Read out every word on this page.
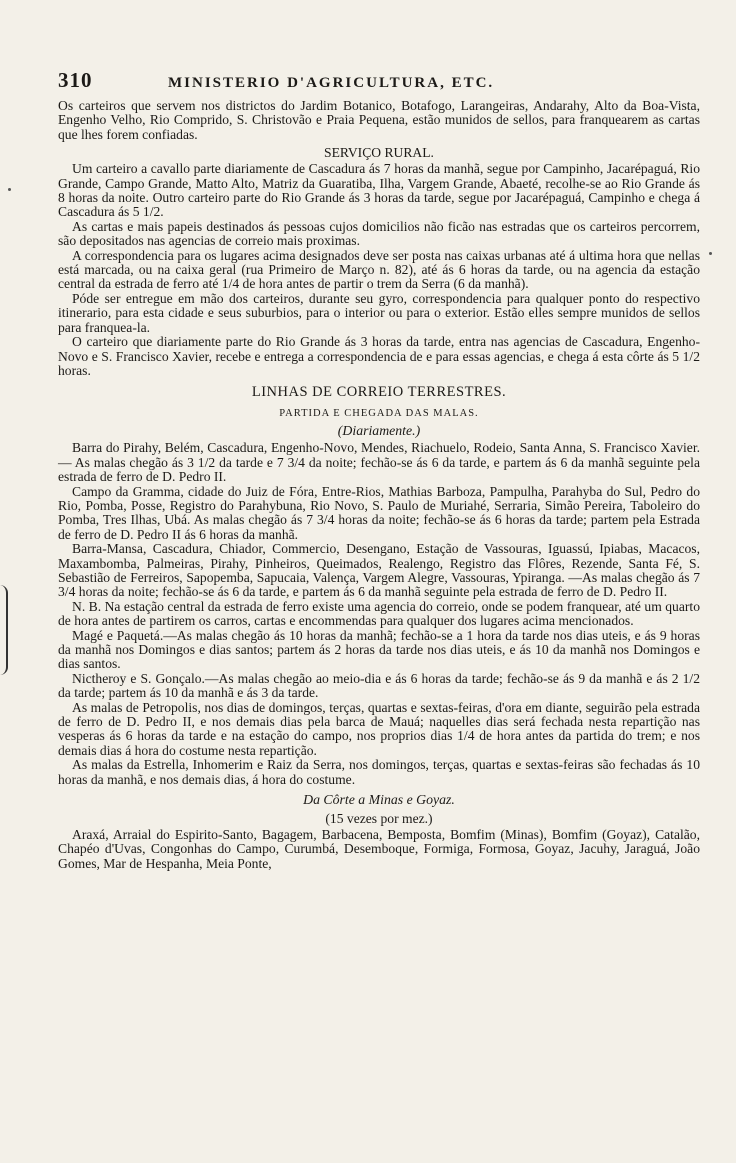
310	MINISTERIO D'AGRICULTURA, ETC.

Os carteiros que servem nos districtos do Jardim Botanico, Botafogo, Larangeiras, Andarahy, Alto da Boa-Vista, Engenho Velho, Rio Comprido, S. Christovão e Praia Pequena, estão munidos de sellos, para franquearem as cartas que lhes forem confiadas.

SERVIÇO RURAL.

Um carteiro a cavallo parte diariamente de Cascadura ás 7 horas da manhã, segue por Campinho, Jacarépaguá, Rio Grande, Campo Grande, Matto Alto, Matriz da Guaratiba, Ilha, Vargem Grande, Abaeté, recolhe-se ao Rio Grande ás 8 horas da noite. Outro carteiro parte do Rio Grande ás 3 horas da tarde, segue por Jacarépaguá, Campinho e chega á Cascadura ás 5 1/2.

As cartas e mais papeis destinados ás pessoas cujos domicilios não ficão nas estradas que os carteiros percorrem, são depositados nas agencias de correio mais proximas.

A correspondencia para os lugares acima designados deve ser posta nas caixas urbanas até á ultima hora que nellas está marcada, ou na caixa geral (rua Primeiro de Março n. 82), até ás 6 horas da tarde, ou na agencia da estação central da estrada de ferro até 1/4 de hora antes de partir o trem da Serra (6 da manhã).

Póde ser entregue em mão dos carteiros, durante seu gyro, correspondencia para qualquer ponto do respectivo itinerario, para esta cidade e seus suburbios, para o interior ou para o exterior. Estão elles sempre munidos de sellos para franquea-la.

O carteiro que diariamente parte do Rio Grande ás 3 horas da tarde, entra nas agencias de Cascadura, Engenho-Novo e S. Francisco Xavier, recebe e entrega a correspondencia de e para essas agencias, e chega á esta côrte ás 5 1/2 horas.

LINHAS DE CORREIO TERRESTRES.
PARTIDA E CHEGADA DAS MALAS.
(Diariamente.)

Barra do Pirahy, Belém, Cascadura, Engenho-Novo, Mendes, Riachuelo, Rodeio, Santa Anna, S. Francisco Xavier. — As malas chegão ás 3 1/2 da tarde e 7 3/4 da noite; fechão-se ás 6 da tarde, e partem ás 6 da manhã seguinte pela estrada de ferro de D. Pedro II.

Campo da Gramma, cidade do Juiz de Fóra, Entre-Rios, Mathias Barboza, Pampulha, Parahyba do Sul, Pedro do Rio, Pomba, Posse, Registro do Parahybuna, Rio Novo, S. Paulo de Muriahé, Serraria, Simão Pereira, Taboleiro do Pomba, Tres Ilhas, Ubá. As malas chegão ás 7 3/4 horas da noite; fechão-se ás 6 horas da tarde; partem pela Estrada de ferro de D. Pedro II ás 6 horas da manhã.

Barra-Mansa, Cascadura, Chiador, Commercio, Desengano, Estação de Vassouras, Iguassú, Ipiabas, Macacos, Maxambomba, Palmeiras, Pirahy, Pinheiros, Queimados, Realengo, Registro das Flôres, Rezende, Santa Fé, S. Sebastião de Ferreiros, Sapopemba, Sapucaia, Valença, Vargem Alegre, Vassouras, Ypiranga. —As malas chegão ás 7 3/4 horas da noite; fechão-se ás 6 da tarde, e partem ás 6 da manhã seguinte pela estrada de ferro de D. Pedro II.

N. B. Na estação central da estrada de ferro existe uma agencia do correio, onde se podem franquear, até um quarto de hora antes de partirem os carros, cartas e encommendas para qualquer dos lugares acima mencionados.

Magé e Paquetá.—As malas chegão ás 10 horas da manhã; fechão-se a 1 hora da tarde nos dias uteis, e ás 9 horas da manhã nos Domingos e dias santos; partem ás 2 horas da tarde nos dias uteis, e ás 10 da manhã nos Domingos e dias santos.

Nictheroy e S. Gonçalo.—As malas chegão ao meio-dia e ás 6 horas da tarde; fechão-se ás 9 da manhã e ás 2 1/2 da tarde; partem ás 10 da manhã e ás 3 da tarde.

As malas de Petropolis, nos dias de domingos, terças, quartas e sextas-feiras, d'ora em diante, seguirão pela estrada de ferro de D. Pedro II, e nos demais dias pela barca de Mauá; naquelles dias será fechada nesta repartição nas vesperas ás 6 horas da tarde e na estação do campo, nos proprios dias 1/4 de hora antes da partida do trem; e nos demais dias á hora do costume nesta repartição.

As malas da Estrella, Inhomerim e Raiz da Serra, nos domingos, terças, quartas e sextas-feiras são fechadas ás 10 horas da manhã, e nos demais dias, á hora do costume.

Da Côrte a Minas e Goyaz.
(15 vezes por mez.)

Araxá, Arraial do Espirito-Santo, Bagagem, Barbacena, Bemposta, Bomfim (Minas), Bomfim (Goyaz), Catalão, Chapéo d'Uvas, Congonhas do Campo, Curumbá, Desemboque, Formiga, Formosa, Goyaz, Jacuhy, Jaraguá, João Gomes, Mar de Hespanha, Meia Ponte,
